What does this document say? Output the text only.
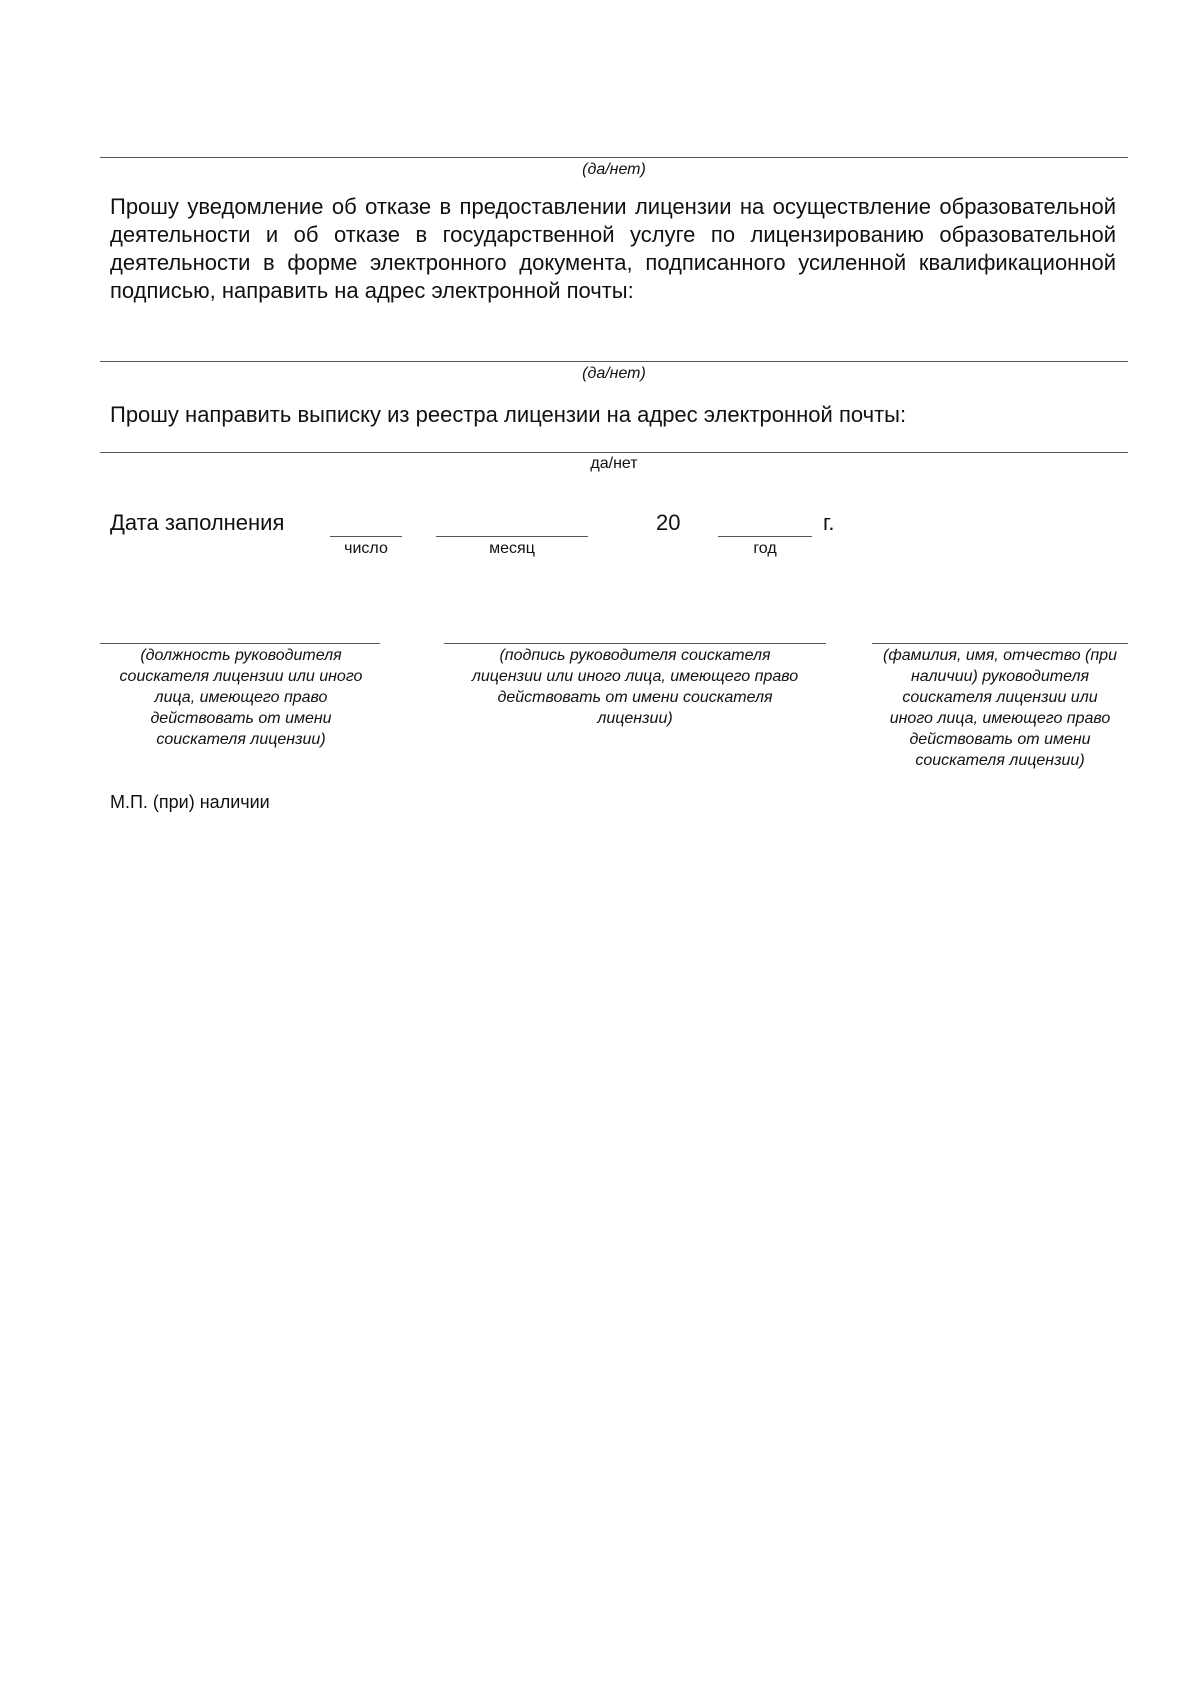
(да/нет)
Прошу уведомление об отказе в предоставлении лицензии на осуществление образовательной деятельности и об отказе в государственной услуге по лицензированию образовательной деятельности в форме электронного документа, подписанного усиленной квалификационной подписью, направить на адрес электронной почты:
(да/нет)
Прошу направить выписку из реестра лицензии на адрес электронной почты:
да/нет
Дата заполнения
число	месяц
20
год
г.
(должность руководителя соискателя лицензии или иного лица, имеющего право действовать от имени соискателя лицензии)
(подпись руководителя соискателя лицензии или иного лица, имеющего право действовать от имени соискателя лицензии)
(фамилия, имя, отчество (при наличии) руководителя соискателя лицензии или иного лица, имеющего право действовать от имени соискателя лицензии)
М.П. (при) наличии
